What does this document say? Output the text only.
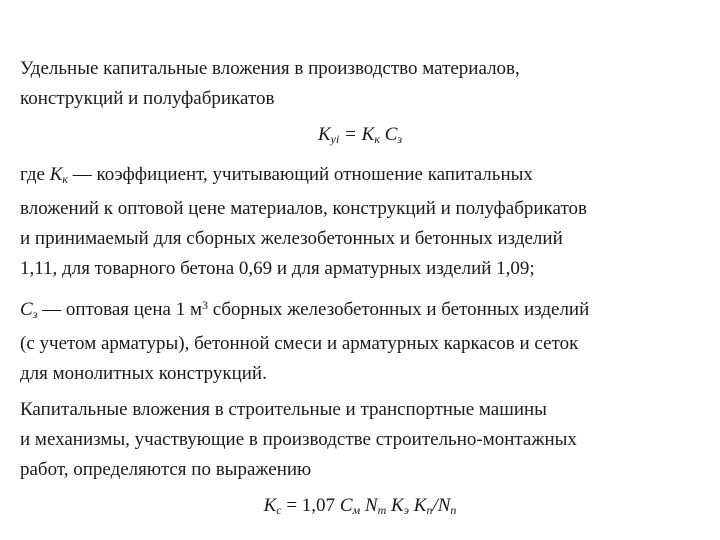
Удельные капитальные вложения в производство материалов,
конструкций и полуфабрикатов

$K_{yi} = K_к$ $C_з$

где $K_к$ — коэффициент, учитывающий отношение капитальных
вложений к оптовой цене материалов, конструкций и полуфабрикатов
и принимаемый для сборных железобетонных и бетонных изделий
1,11, для товарного бетона 0,69 и для арматурных изделий 1,09;

$C_з$ — оптовая цена 1 $м^3$ сборных железобетонных и бетонных изделий
(с учетом арматуры), бетонной смеси и арматурных каркасов и сеток
для монолитных конструкций.

Капитальные вложения в строительные и транспортные машины
и механизмы, участвующие в производстве строительно-монтажных
работ, определяются по выражению

$K_c = 1,07$ $C_м$ $N_т$ $K_э$ $K_п/N_п$
